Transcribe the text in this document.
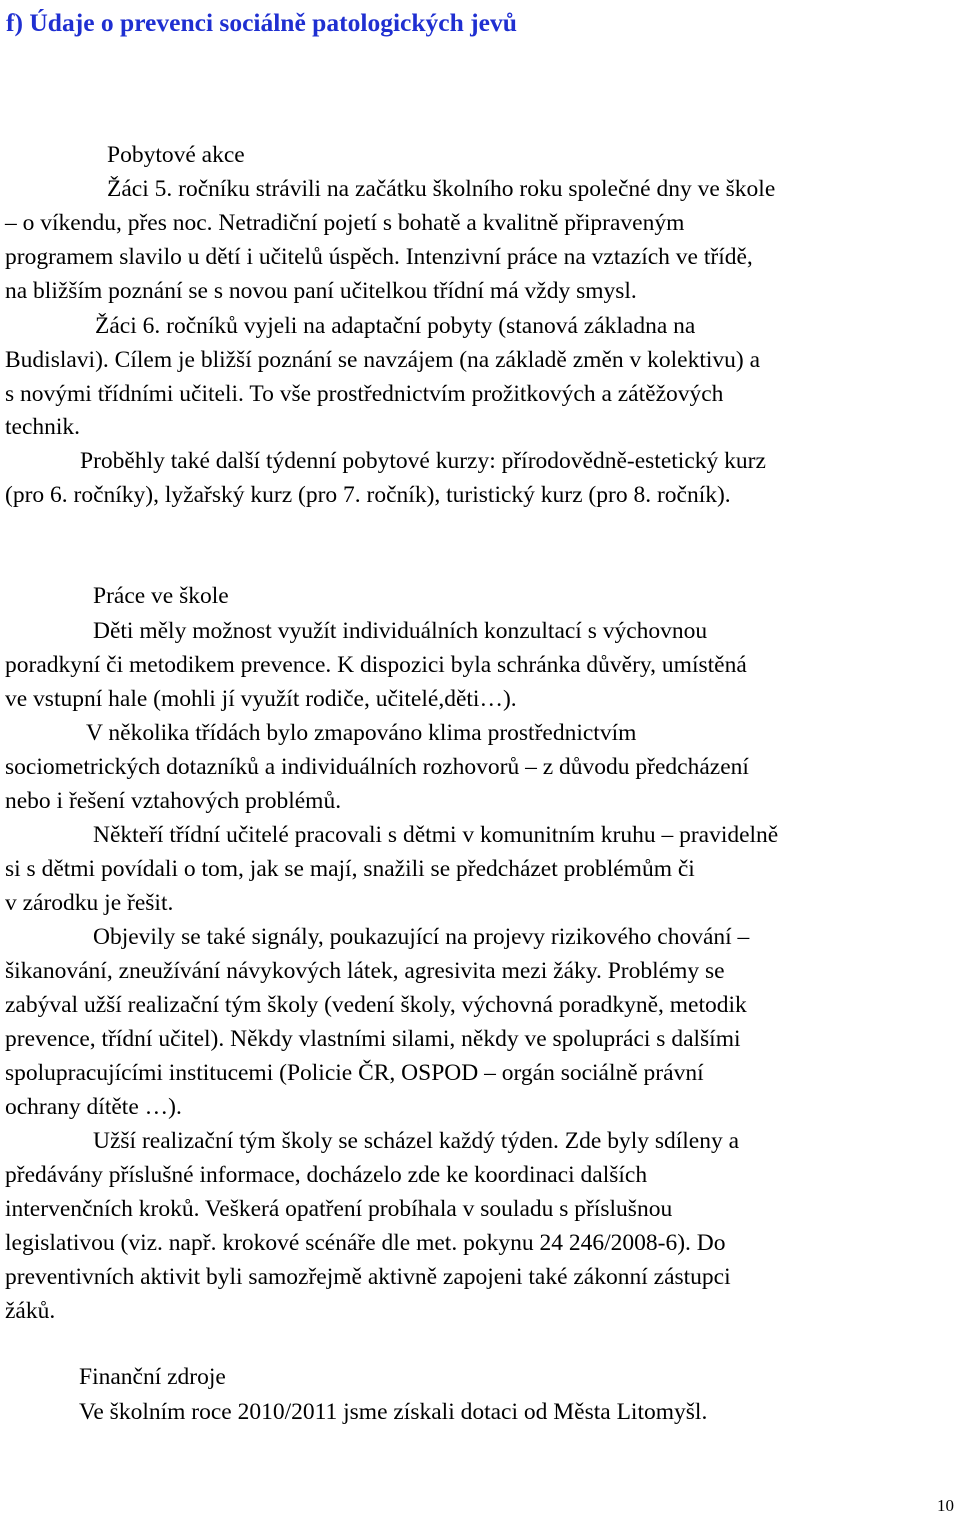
f) Údaje o prevenci sociálně patologických jevů
Pobytové akce
Žáci 5. ročníku strávili na začátku školního roku společné dny ve škole
– o víkendu, přes noc. Netradiční pojetí s bohatě a kvalitně připraveným
programem slavilo u dětí i učitelů úspěch. Intenzivní práce na vztazích ve třídě,
na bližším poznání se s novou paní učitelkou třídní má vždy smysl.
Žáci 6. ročníků vyjeli na adaptační pobyty (stanová základna na
Budislavi). Cílem je bližší poznání se navzájem (na základě změn v kolektivu) a
s novými třídními učiteli. To vše prostřednictvím prožitkových a zátěžových
technik.
Proběhly také další týdenní pobytové kurzy: přírodovědně-estetický kurz
(pro 6. ročníky), lyžařský kurz (pro 7. ročník), turistický kurz (pro 8. ročník).
Práce ve škole
Děti měly možnost využít individuálních konzultací s výchovnou
poradkyní či metodikem prevence. K dispozici byla schránka důvěry, umístěná
ve vstupní hale (mohli jí využít rodiče, učitelé,děti…).
V několika třídách bylo zmapováno klima prostřednictvím
sociometrických dotazníků a individuálních rozhovorů – z důvodu předcházení
nebo i řešení vztahových problémů.
Někteří třídní učitelé pracovali s dětmi v komunitním kruhu – pravidelně
si s dětmi povídali o tom, jak se mají, snažili se předcházet problémům či
v zárodku je řešit.
Objevily se také signály, poukazující na projevy rizikového chování –
šikanování, zneužívání návykových látek, agresivita mezi žáky. Problémy se
zabýval užší realizační tým školy (vedení školy, výchovná poradkyně, metodik
prevence, třídní učitel). Někdy vlastními silami, někdy ve spolupráci s dalšími
spolupracujícími institucemi (Policie ČR, OSPOD – orgán sociálně právní
ochrany dítěte …).
Užší realizační tým školy se scházel každý týden. Zde byly sdíleny a
předávány příslušné informace, docházelo zde ke koordinaci dalších
intervenčních kroků. Veškerá opatření probíhala v souladu s příslušnou
legislativou (viz. např. krokové scénáře dle met. pokynu 24 246/2008-6). Do
preventivních aktivit byli samozřejmě aktivně zapojeni také zákonní zástupci
žáků.
Finanční zdroje
Ve školním roce 2010/2011 jsme získali dotaci od Města Litomyšl.
10
